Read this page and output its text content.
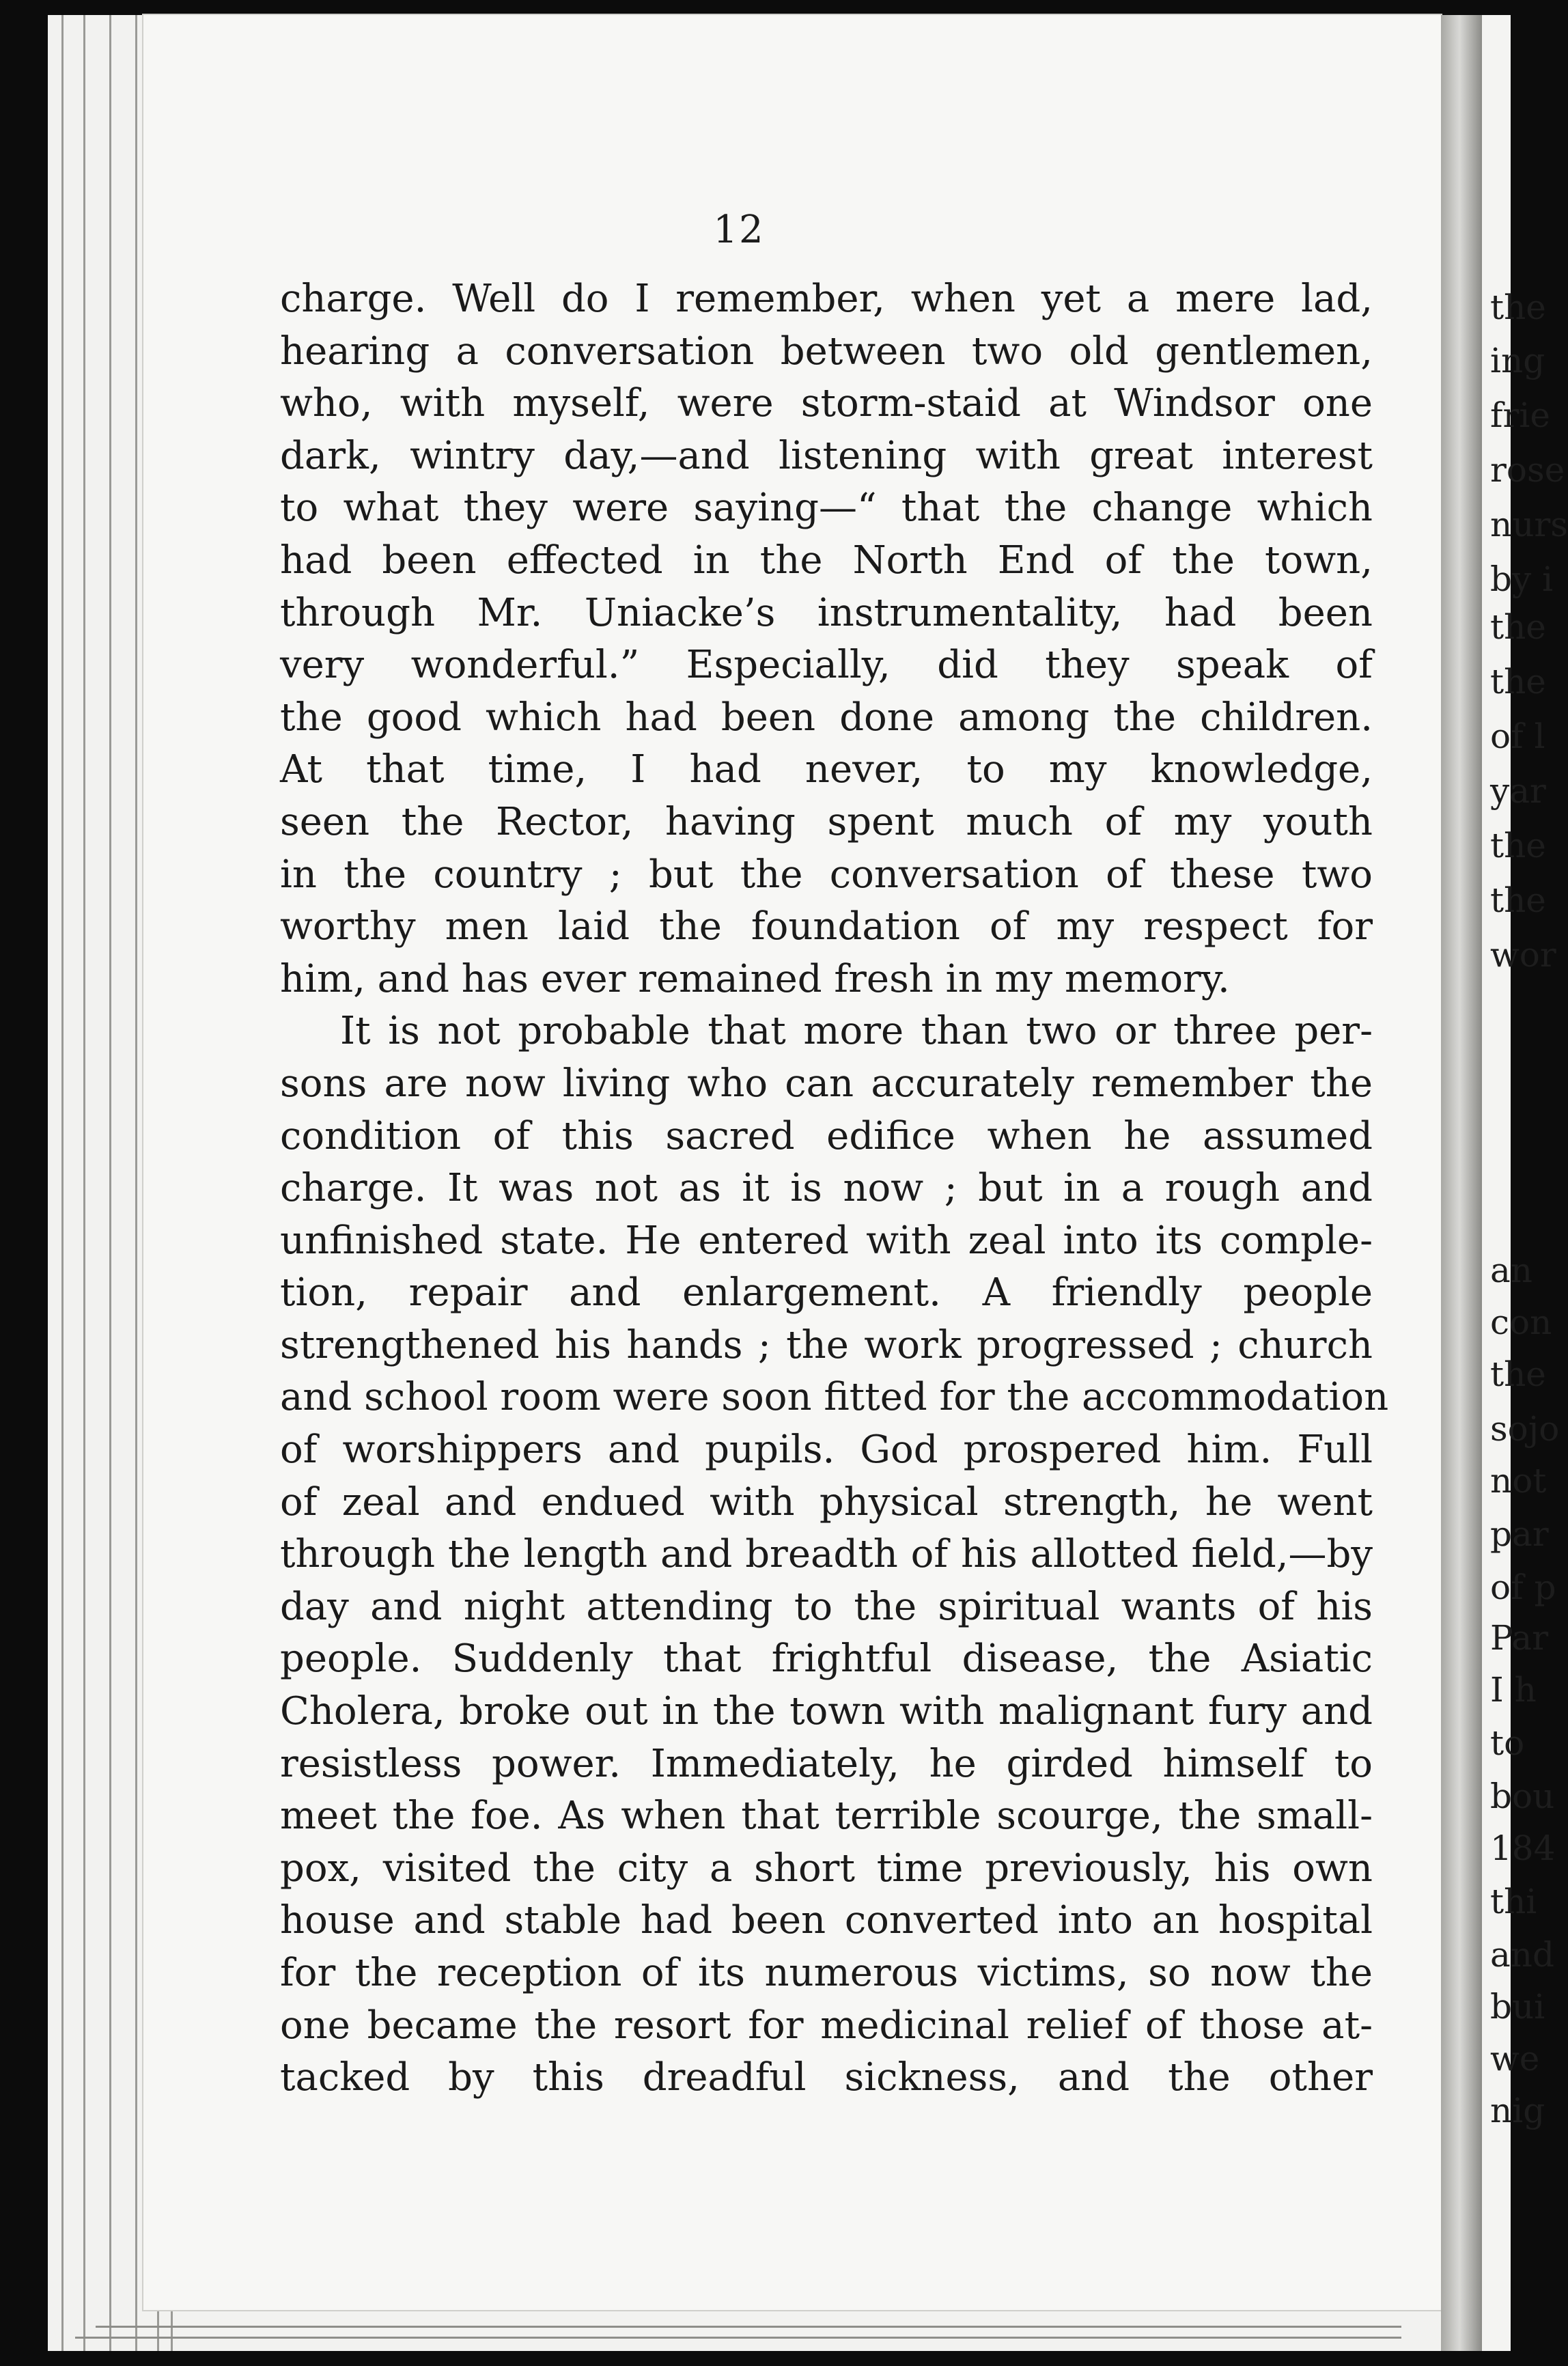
12
the
ing
frie
rose
nurs
by i
the
the
of l
yar
the
the
wor
an
con
the
sojo
not
par
of p
Par
I h
to
bou
184
thi
and
bui
we
nig
charge. Well do I remember, when yet a mere lad,
hearing a conversation between two old gentlemen,
who, with myself, were storm-staid at Windsor one
dark, wintry day,—and listening with great interest
to what they were saying—“ that the change which
had been effected in the North End of the town,
through Mr. Uniacke’s instrumentality, had been
very wonderful.” Especially, did they speak of
the good which had been done among the children.
At that time, I had never, to my knowledge,
seen the Rector, having spent much of my youth
in the country ; but the conversation of these two
worthy men laid the foundation of my respect for
him, and has ever remained fresh in my memory.
It is not probable that more than two or three per-
sons are now living who can accurately remember the
condition of this sacred edifice when he assumed
charge. It was not as it is now ; but in a rough and
unfinished state. He entered with zeal into its comple-
tion, repair and enlargement. A friendly people
strengthened his hands ; the work progressed ; church
and school room were soon fitted for the accommodation
of worshippers and pupils. God prospered him. Full
of zeal and endued with physical strength, he went
through the length and breadth of his allotted field,—by
day and night attending to the spiritual wants of his
people. Suddenly that frightful disease, the Asiatic
Cholera, broke out in the town with malignant fury and
resistless power. Immediately, he girded himself to
meet the foe. As when that terrible scourge, the small-
pox, visited the city a short time previously, his own
house and stable had been converted into an hospital
for the reception of its numerous victims, so now the
one became the resort for medicinal relief of those at-
tacked by this dreadful sickness, and the other
